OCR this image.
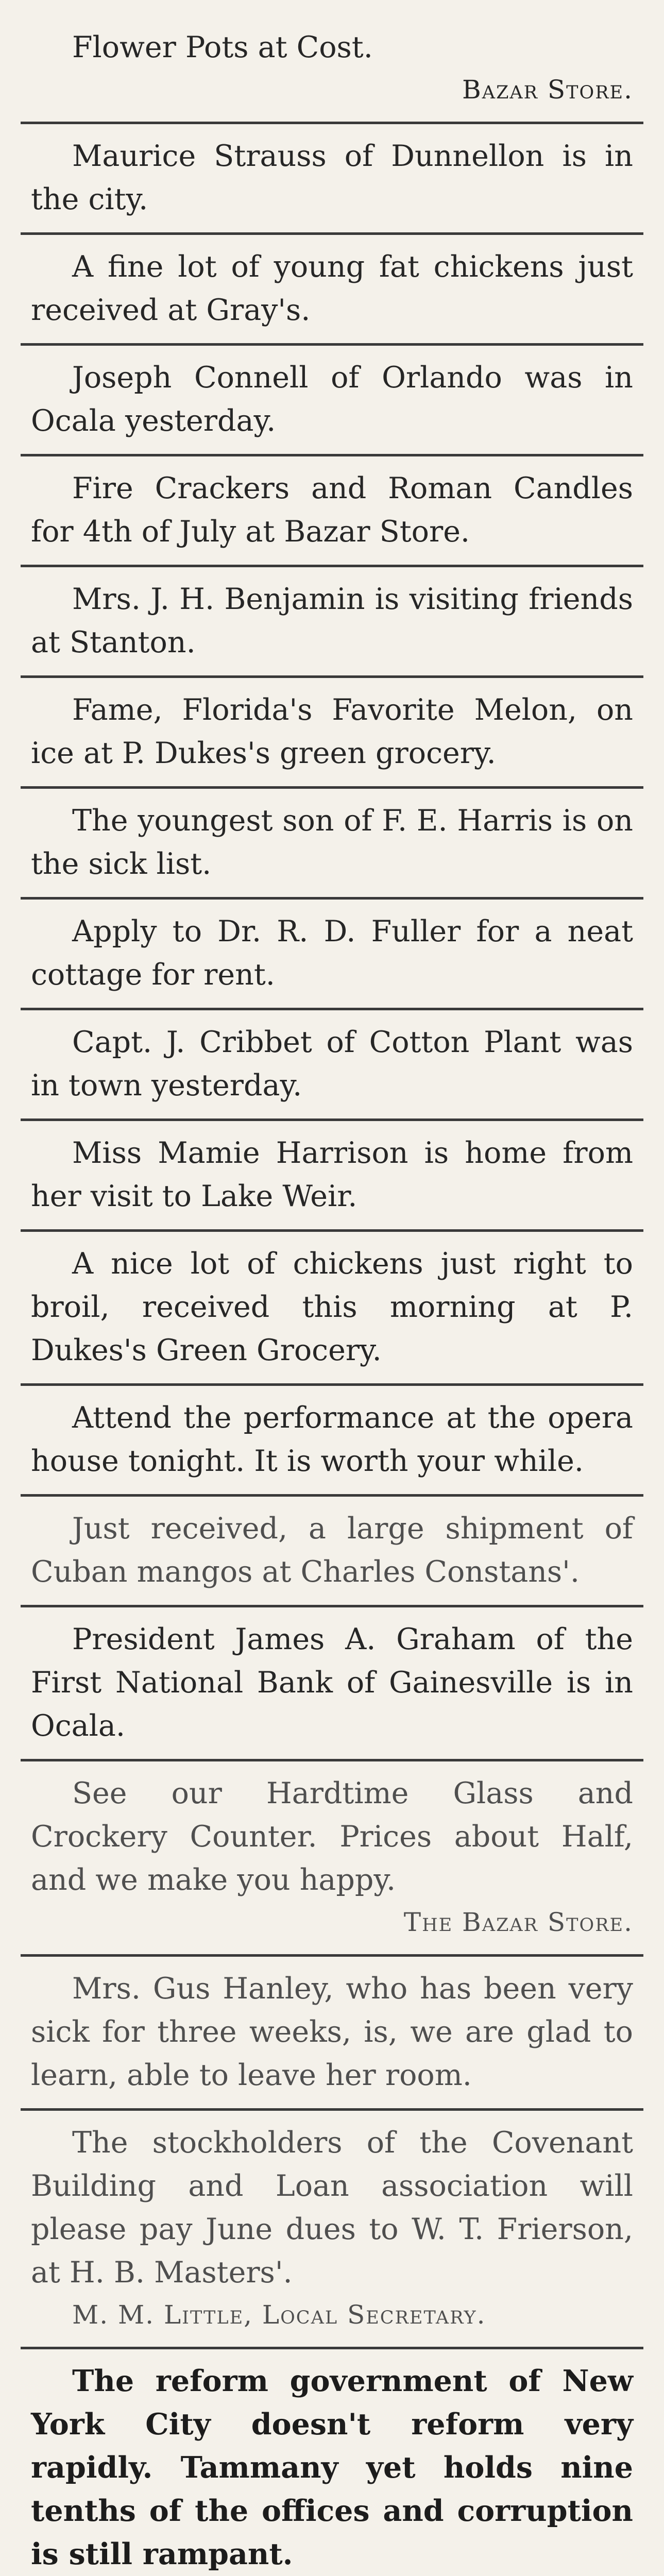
Flower Pots at Cost.

Bazar Store.

Maurice Strauss of Dunnellon is in the city.

A fine lot of young fat chickens just received at Gray's.

Joseph Connell of Orlando was in Ocala yesterday.

Fire Crackers and Roman Candles for 4th of July at Bazar Store.

Mrs. J. H. Benjamin is visiting friends at Stanton.

Fame, Florida's Favorite Melon, on ice at P. Dukes's green grocery.

The youngest son of F. E. Harris is on the sick list.

Apply to Dr. R. D. Fuller for a neat cottage for rent.

Capt. J. Cribbet of Cotton Plant was in town yesterday.

Miss Mamie Harrison is home from her visit to Lake Weir.

A nice lot of chickens just right to broil, received this morning at P. Dukes's Green Grocery.

Attend the performance at the opera house tonight. It is worth your while.

Just received, a large shipment of Cuban mangos at Charles Constans'.

President James A. Graham of the First National Bank of Gainesville is in Ocala.

See our Hardtime Glass and Crockery Counter. Prices about Half, and we make you happy.

The Bazar Store.

Mrs. Gus Hanley, who has been very sick for three weeks, is, we are glad to learn, able to leave her room.

The stockholders of the Covenant Building and Loan association will please pay June dues to W. T. Frierson, at H. B. Masters'.

M. M. Little, Local Secretary.

The reform government of New York City doesn't reform very rapidly. Tammany yet holds nine tenths of the offices and corruption is still rampant.
